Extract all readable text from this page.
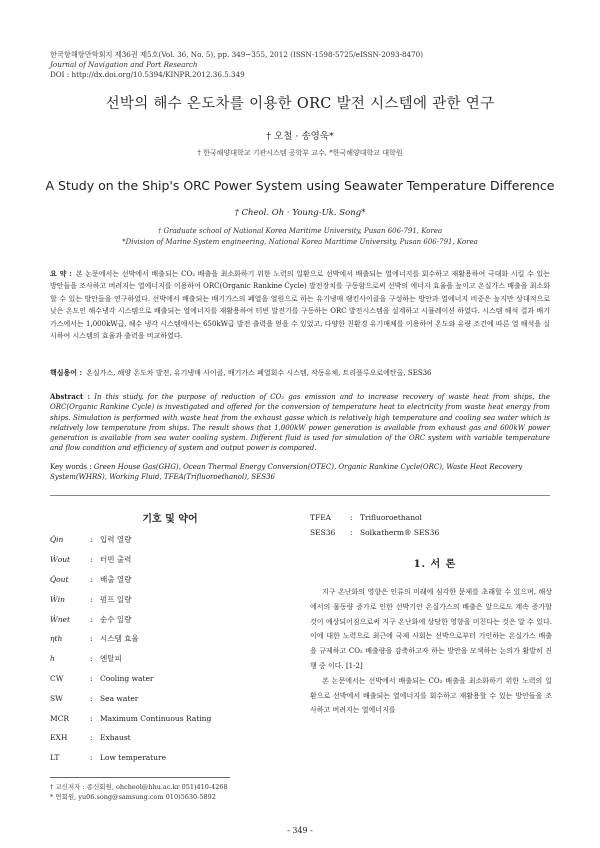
한국항해항만학회지 제36권 제5호(Vol. 36, No. 5), pp. 349~355, 2012 (ISSN-1598-5725/eISSN-2093-8470)
Journal of Navigation and Port Research
DOI : http://dx.doi.org/10.5394/KINPR.2012.36.5.349
선박의 해수 온도차를 이용한 ORC 발전 시스템에 관한 연구
† 오철 · 송영욱*
† 한국해양대학교 기관시스템 공학부 교수, *한국해양대학교 대학원
A Study on the Ship's ORC Power System using Seawater Temperature Difference
† Cheol. Oh · Young-Uk. Song*
† Graduate school of National Korea Maritime University, Pusan 606-791, Korea
*Division of Marine System engineering, National Korea Maritime University, Pusan 606-791, Korea
요 약 : 본 논문에서는 선박에서 배출되는 CO₂ 배출을 최소화하기 위한 노력의 일환으로 선박에서 배출되는 열에너지를 회수하고 재활용하여 극대화 시킬 수 있는 방안들을 조사하고 버려지는 열에너지를 이용하여 ORC(Organic Rankine Cycle) 발전장치를 구동함으로써 선박의 에너지 효율을 높이고 온실가스 배출을 최소화할 수 있는 방안들을 연구하였다. 선박에서 배출되는 배기가스의 폐열을 열원으로 하는 유기냉매 랭킨사이클을 구성하는 방안과 열에너지 비중은 높지만 상대적으로 낮은 온도인 해수냉각 시스템으로 배출되는 열에너지를 재활용하여 터빈 발전기를 구동하는 ORC 발전시스템을 설계하고 시뮬레이션 하였다. 시스템 해석 결과 배기가스에서는 1,000kW급, 해수 냉각 시스템에서는 650kW급 발전 출력을 얻을 수 있었고, 다양한 친환경 유기매체를 이용하여 온도와 유량 조건에 따른 열 해석을 실시하여 시스템의 효율과 출력을 비교하였다.
핵심용어 : 온실가스, 해양 온도차 발전, 유기냉매 사이클, 배기가스 폐열회수 시스템, 작동유체, 트리플루오로에탄올, SES36
Abstract : In this study, for the purpose of reduction of CO₂ gas emission and to increase recovery of waste heat from ships, the ORC(Organic Rankine Cycle) is investigated and offered for the conversion of temperature heat to electricity from waste heat energy from ships. Simulation is performed with waste heat from the exhaust gasse which is relatively high temperature and cooling sea water which is relatively low temperature from ships. The result shows that 1,000kW power generation is available from exhaust gas and 600kW power generation is available from sea water cooling system. Different fluid is used for simulation of the ORC system with variable temperature and flow condition and efficiency of system and output power is compared.
Key words : Green House Gas(GHG), Ocean Thermal Energy Conversion(OTEC), Organic Rankine Cycle(ORC), Waste Heat Recovery System(WHRS), Working Fluid, TFEA(Trifluoroethanol), SES36
기호 및 약어
Q̇in	: 입력 열량
Ẇout	: 터빈 출력
Q̇out	: 배출 열량
Ẇin	: 펌프 일량
Ẇnet	: 순수 일량
ηth	: 시스템 효율
h	: 엔탈피
CW	: Cooling water
SW	: Sea water
MCR	: Maximum Continuous Rating
EXH	: Exhaust
LT	: Low temperature
TFEA	: Trifluoroethanol
SES36	: Solkatherm® SES36
1. 서 론

지구 온난화의 영향은 인류의 미래에 심각한 문제를 초래할 수 있으며, 해상에서의 물동량 증가로 인한 선박기인 온실가스의 배출은 앞으로도 계속 증가할 것이 예상되어짐으로써 지구 온난화에 상당한 영향을 미친다는 것은 알 수 있다. 이에 대한 노력으로 최근에 국제 사회는 선박으로부터 기인하는 온실가스 배출을 규제하고 CO₂ 배출량을 감축하고자 하는 방안을 모색하는 논의가 활발히 진행 중 이다. [1-2]

본 논문에서는 선박에서 배출되는 CO₂ 배출을 최소화하기 위한 노력의 일환으로 선박에서 배출되는 열에너지를 회수하고 재활용할 수 있는 방안들을 조사하고 버려지는 열에너지를

† 교신저자 : 종신회원, ohcheol@hhu.ac.kr 051)410-4268
* 연회원, yu06.song@samsung.com 010)5630-5892
- 349 -
